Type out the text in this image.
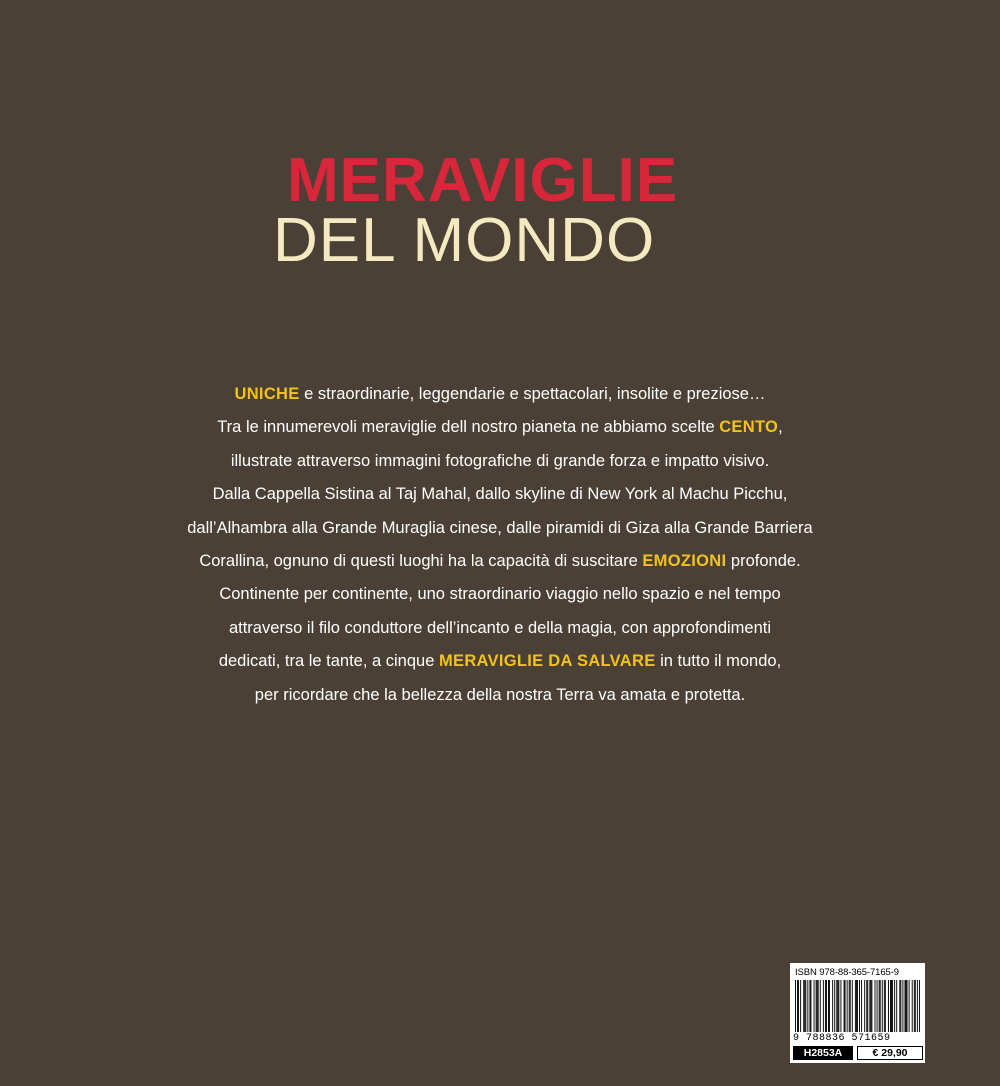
MERAVIGLIE
DEL MONDO
UNICHE e straordinarie, leggendarie e spettacolari, insolite e preziose…
Tra le innumerevoli meraviglie dell nostro pianeta ne abbiamo scelte CENTO,
illustrate attraverso immagini fotografiche di grande forza e impatto visivo.
Dalla Cappella Sistina al Taj Mahal, dallo skyline di New York al Machu Picchu,
dall’Alhambra alla Grande Muraglia cinese, dalle piramidi di Giza alla Grande Barriera
Corallina, ognuno di questi luoghi ha la capacità di suscitare EMOZIONI profonde.
Continente per continente, uno straordinario viaggio nello spazio e nel tempo
attraverso il filo conduttore dell’incanto e della magia, con approfondimenti
dedicati, tra le tante, a cinque MERAVIGLIE DA SALVARE in tutto il mondo,
per ricordare che la bellezza della nostra Terra va amata e protetta.
ISBN 978-88-365-7165-9
9 788836 571659
H2853A	€ 29,90
